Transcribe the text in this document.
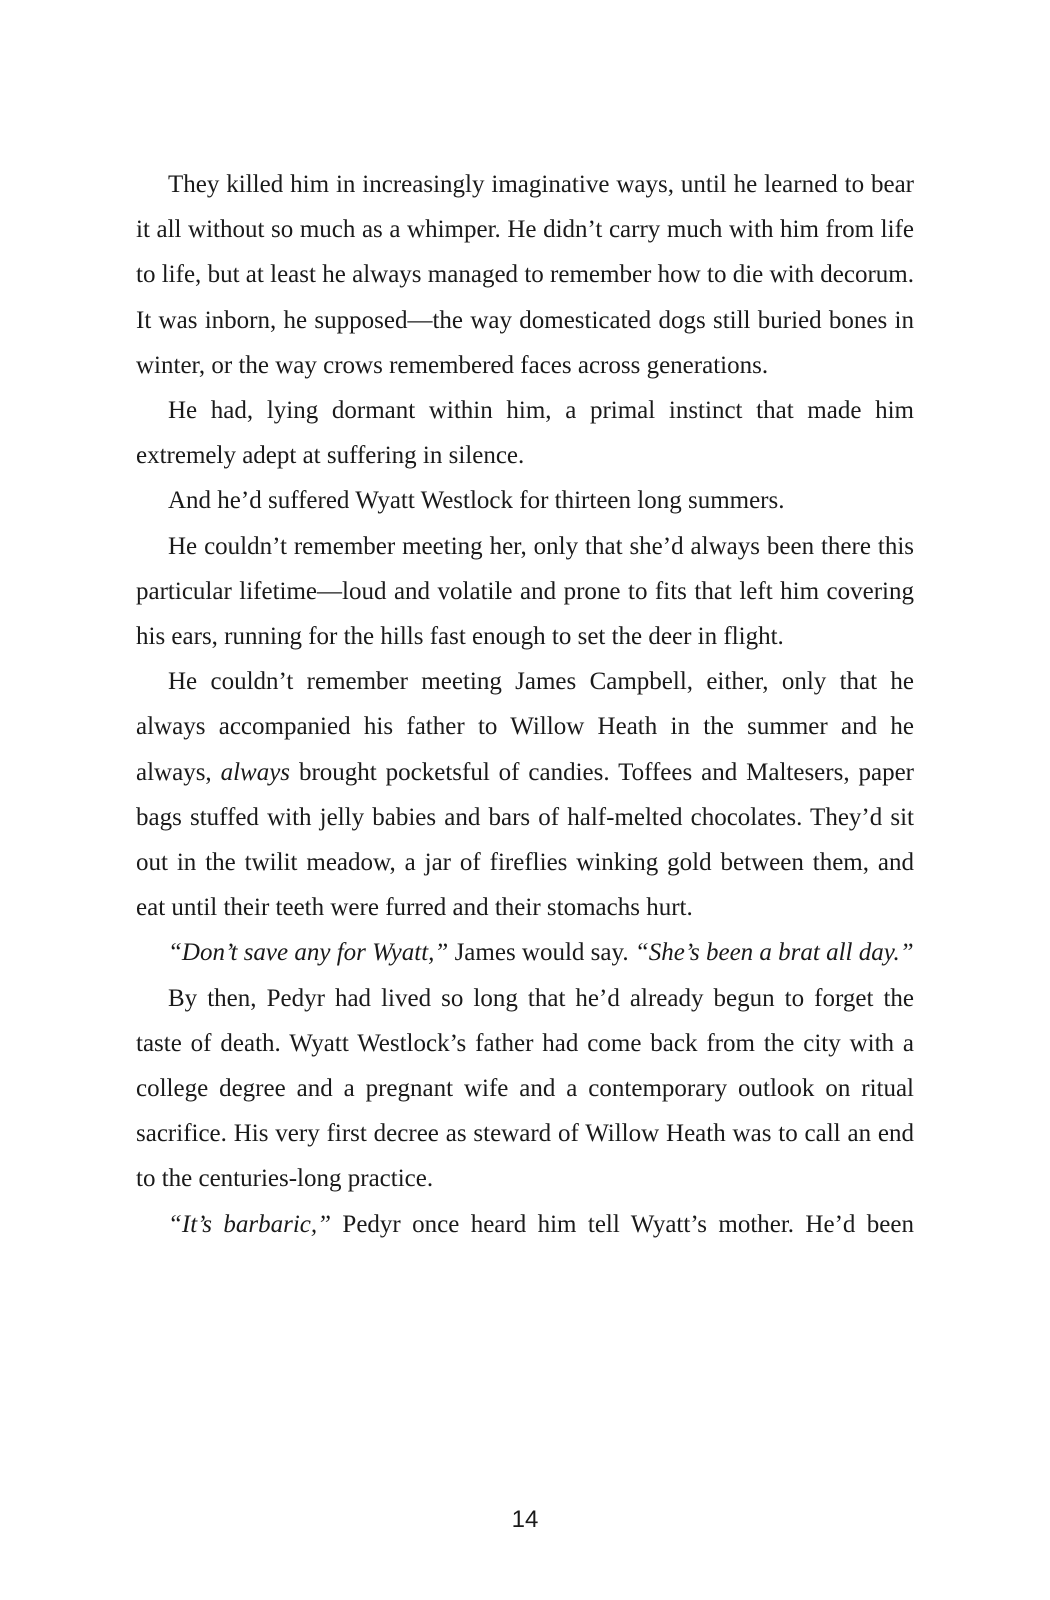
They killed him in increasingly imaginative ways, until he learned to bear it all without so much as a whimper. He didn’t carry much with him from life to life, but at least he always managed to remember how to die with decorum. It was inborn, he supposed—the way domesticated dogs still buried bones in winter, or the way crows remembered faces across generations.

He had, lying dormant within him, a primal instinct that made him extremely adept at suffering in silence.

And he’d suffered Wyatt Westlock for thirteen long summers.

He couldn’t remember meeting her, only that she’d always been there this particular lifetime—loud and volatile and prone to fits that left him covering his ears, running for the hills fast enough to set the deer in flight.

He couldn’t remember meeting James Campbell, either, only that he always accompanied his father to Willow Heath in the summer and he always, always brought pocketsful of candies. Toffees and Maltesers, paper bags stuffed with jelly babies and bars of half-melted chocolates. They’d sit out in the twilit meadow, a jar of fireflies winking gold between them, and eat until their teeth were furred and their stomachs hurt.

“Don’t save any for Wyatt,” James would say. “She’s been a brat all day.”

By then, Pedyr had lived so long that he’d already begun to forget the taste of death. Wyatt Westlock’s father had come back from the city with a college degree and a pregnant wife and a contemporary outlook on ritual sacrifice. His very first decree as steward of Willow Heath was to call an end to the centuries-long practice.

“It’s barbaric,” Pedyr once heard him tell Wyatt’s mother. He’d been

14
